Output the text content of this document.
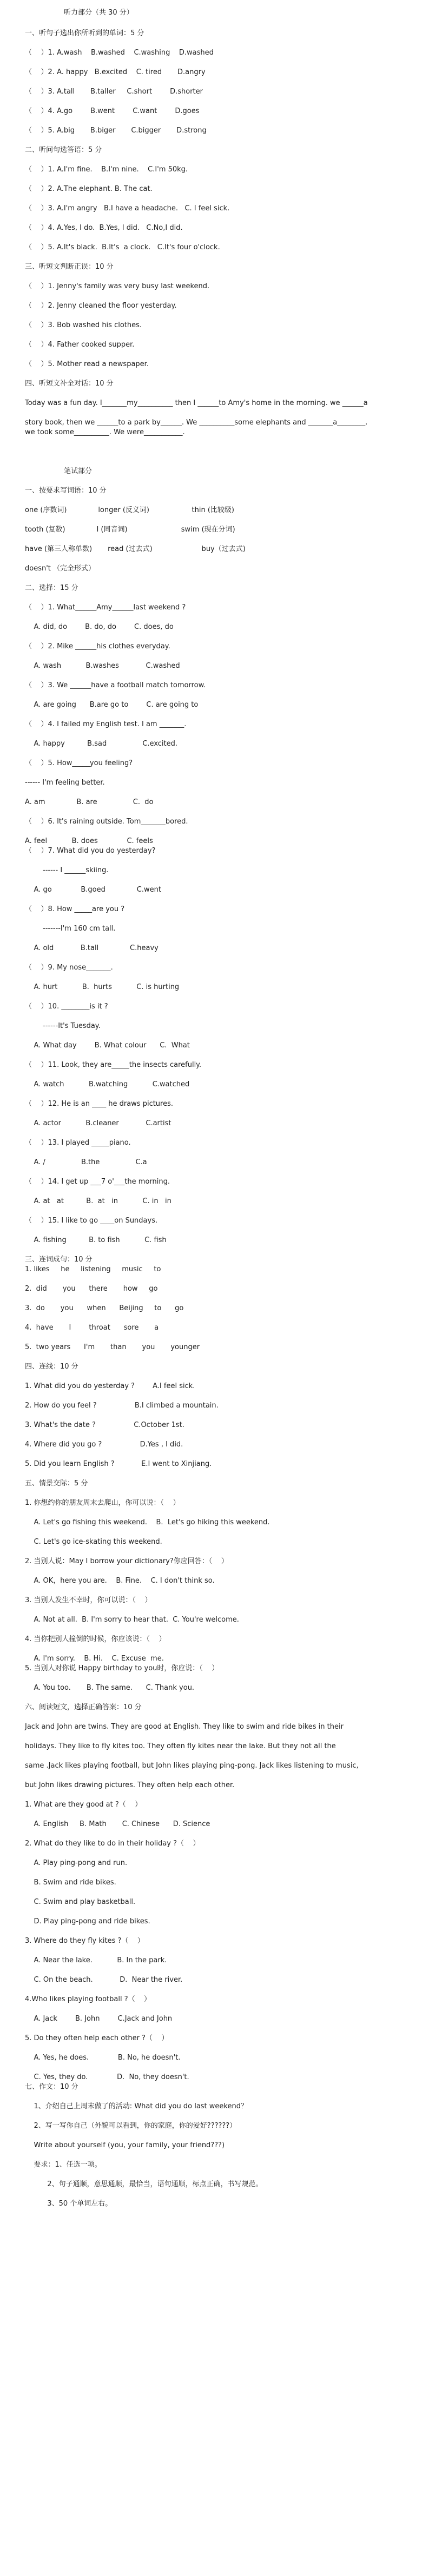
听力部分（共 30 分）
一、听句子选出你所听到的单词：5 分
（    ）1. A.wash    B.washed    C.washing    D.washed
（    ）2. A. happy   B.excited    C. tired       D.angry
（    ）3. A.tall       B.taller     C.short        D.shorter
（    ）4. A.go        B.went        C.want        D.goes
（    ）5. A.big       B.biger       C.bigger       D.strong
二、听问句选答语：5 分
（    ）1. A.I'm fine.    B.I'm nine.    C.I'm 50kg.
（    ）2. A.The elephant. B. The cat.
（    ）3. A.I'm angry   B.I have a headache.   C. I feel sick.
（    ）4. A.Yes, I do.  B.Yes, I did.   C.No,I did.
（    ）5. A.It's black.  B.It's  a clock.   C.It's four o'clock.
三、听短文判断正误：10 分
（    ）1. Jenny's family was very busy last weekend.
（    ）2. Jenny cleaned the floor yesterday.
（    ）3. Bob washed his clothes.
（    ）4. Father cooked supper.
（    ）5. Mother read a newspaper.
四、听短文补全对话：10 分
Today was a fun day. I_______my__________ then I ______to Amy's home in the morning. we ______a
story book, then we ______to a park by______. We __________some elephants and _______a________.
we took some__________. We were___________.
笔试部分
一、按要求写词语：10 分
one (序数词)              longer (反义词)                   thin (比较级)
tooth (复数)              I (同音词)                        swim (现在分词)
have (第三人称单数)       read (过去式)                      buy（过去式)
doesn't （完全形式）
二、选择：15 分
（    ）1. What______Amy______last weekend ?
A. did, do        B. do, do        C. does, do
（    ）2. Mike ______his clothes everyday.
A. wash           B.washes            C.washed
（    ）3. We ______have a football match tomorrow.
A. are going      B.are go to        C. are going to
（    ）4. I failed my English test. I am _______.
A. happy          B.sad                C.excited.
（    ）5. How_____you feeling?
------ I'm feeling better.
A. am              B. are                C.  do
（    ）6. It's raining outside. Tom_______bored.
A. feel           B. does             C. feels
（    ）7. What did you do yesterday?
------ I ______skiing.
A. go             B.goed              C.went
（    ）8. How _____are you ?
-------I'm 160 cm tall.
A. old            B.tall              C.heavy
（    ）9. My nose_______.
A. hurt           B.  hurts           C. is hurting
（    ）10. ________is it ?
------It's Tuesday.
A. What day        B. What colour      C.  What
（    ）11. Look, they are_____the insects carefully.
A. watch           B.watching           C.watched
（    ）12. He is an ____ he draws pictures.
A. actor           B.cleaner            C.artist
（    ）13. I played _____piano.
A. /                B.the                C.a
（    ）14. I get up ___7 o'___the morning.
A. at   at          B.  at   in           C. in   in
（    ）15. I like to go ____on Sundays.
A. fishing          B. to fish           C. fish
三、连词成句：10 分
1. likes     he     listening     music     to
2.  did       you      there       how     go
3.  do       you      when      Beijing     to      go
4.  have       I        throat      sore       a
5.  two years      I'm       than       you       younger
四、连线：10 分
1. What did you do yesterday ?        A.I feel sick.
2. How do you feel ?                 B.I climbed a mountain.
3. What's the date ?                 C.October 1st.
4. Where did you go ?                 D.Yes , I did.
5. Did you learn English ?            E.I went to Xinjiang.
五、情景交际：5 分
1. 你想约你的朋友周末去爬山，你可以说：（    ）
A. Let's go fishing this weekend.    B.  Let's go hiking this weekend.
C. Let's go ice-skating this weekend.
2. 当别人说：May I borrow your dictionary?你应回答：（    ）
A. OK，here you are.    B. Fine.    C. I don't think so.
3. 当别人发生不幸时，你可以说：（    ）
A. Not at all.  B. I'm sorry to hear that.  C. You're welcome.
4. 当你把别人撞倒的时候，你应该说：（    ）
A. I'm sorry.    B. Hi.    C. Excuse  me.
5. 当别人对你说 Happy birthday to you时，你应说：（    ）
A. You too.       B. The same.      C. Thank you.
六、阅读短文，选择正确答案：10 分
Jack and John are twins. They are good at English. They like to swim and ride bikes in their
holidays. They like to fly kites too. They often fly kites near the lake. But they not all the
same .Jack likes playing football, but John likes playing ping-pong. Jack likes listening to music,
but John likes drawing pictures. They often help each other.
1. What are they good at ?（    ）
A. English     B. Math       C. Chinese      D. Science
2. What do they like to do in their holiday ?（    ）
A. Play ping-pong and run.
B. Swim and ride bikes.
C. Swim and play basketball.
D. Play ping-pong and ride bikes.
3. Where do they fly kites ?（    ）
A. Near the lake.           B. In the park.
C. On the beach.            D.  Near the river.
4.Who likes playing football ?（    ）
A. Jack        B. John        C.Jack and John
5. Do they often help each other ?（    ）
A. Yes, he does.             B. No, he doesn't.
C. Yes, they do.             D.  No, they doesn't.
七、作文：10 分
1、介绍自己上周末做了的活动: What did you do last weekend？
2、写一写你自己（外貌可以看到，你的家庭，你的爱好??????）
Write about yourself (you, your family, your friend???)
要求：1、任选一项。
2、句子通顺，意思通顺，最恰当，语句通顺，标点正确，书写规范。
3、50 个单词左右。
